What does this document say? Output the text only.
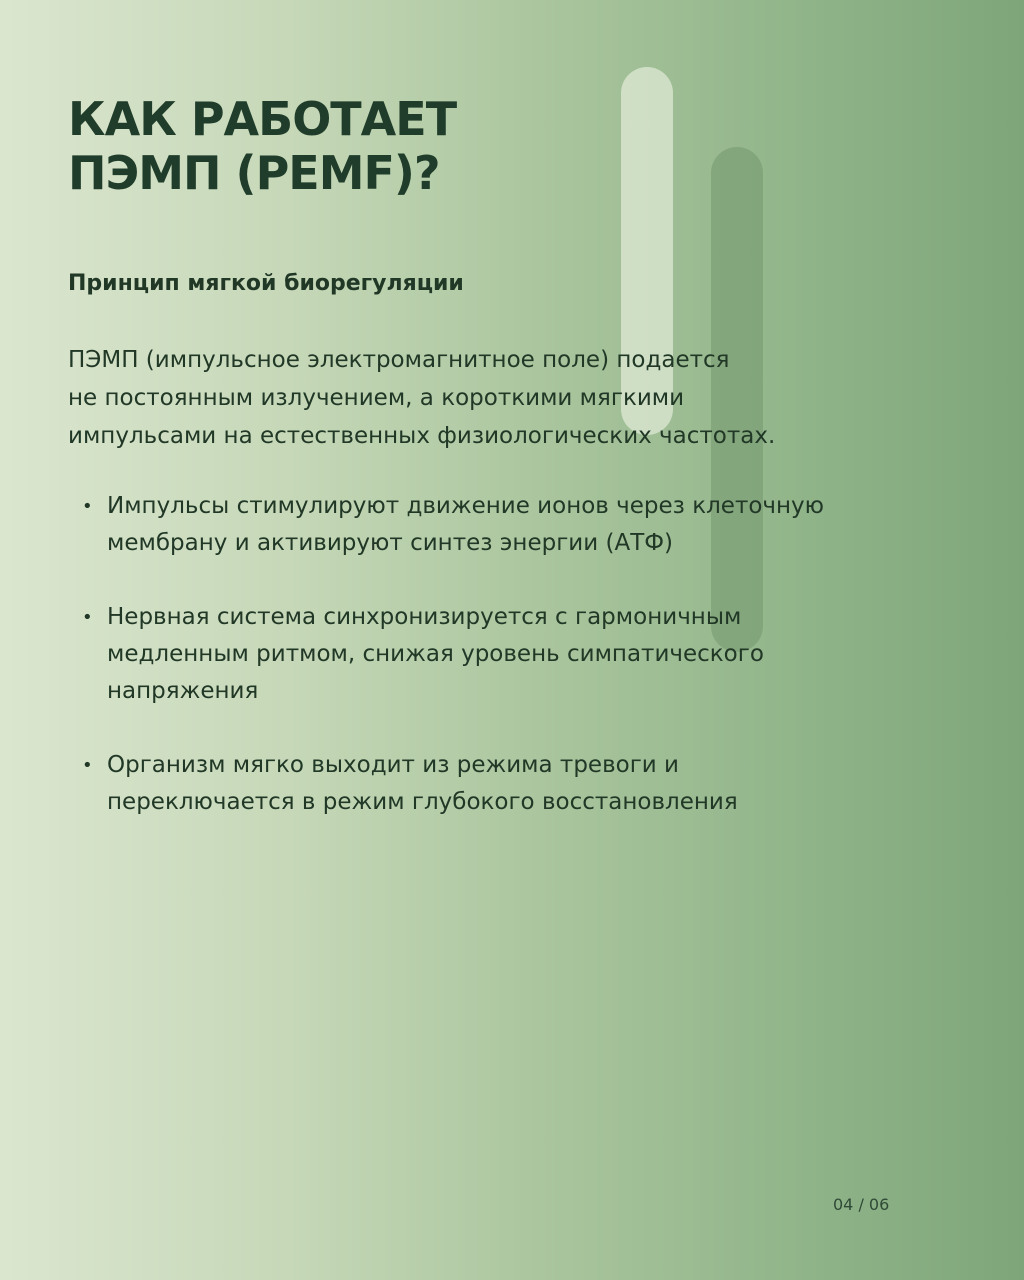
КАК РАБОТАЕТ
ПЭМП (PEMF)?
Принцип мягкой биорегуляции

ПЭМП (импульсное электромагнитное поле) подается
не постоянным излучением, а короткими мягкими
импульсами на естественных физиологических частотах.

• Импульсы стимулируют движение ионов через клеточную
мембрану и активируют синтез энергии (АТФ)
• Нервная система синхронизируется с гармоничным
медленным ритмом, снижая уровень симпатического
напряжения
• Организм мягко выходит из режима тревоги и
переключается в режим глубокого восстановления
04 / 06
